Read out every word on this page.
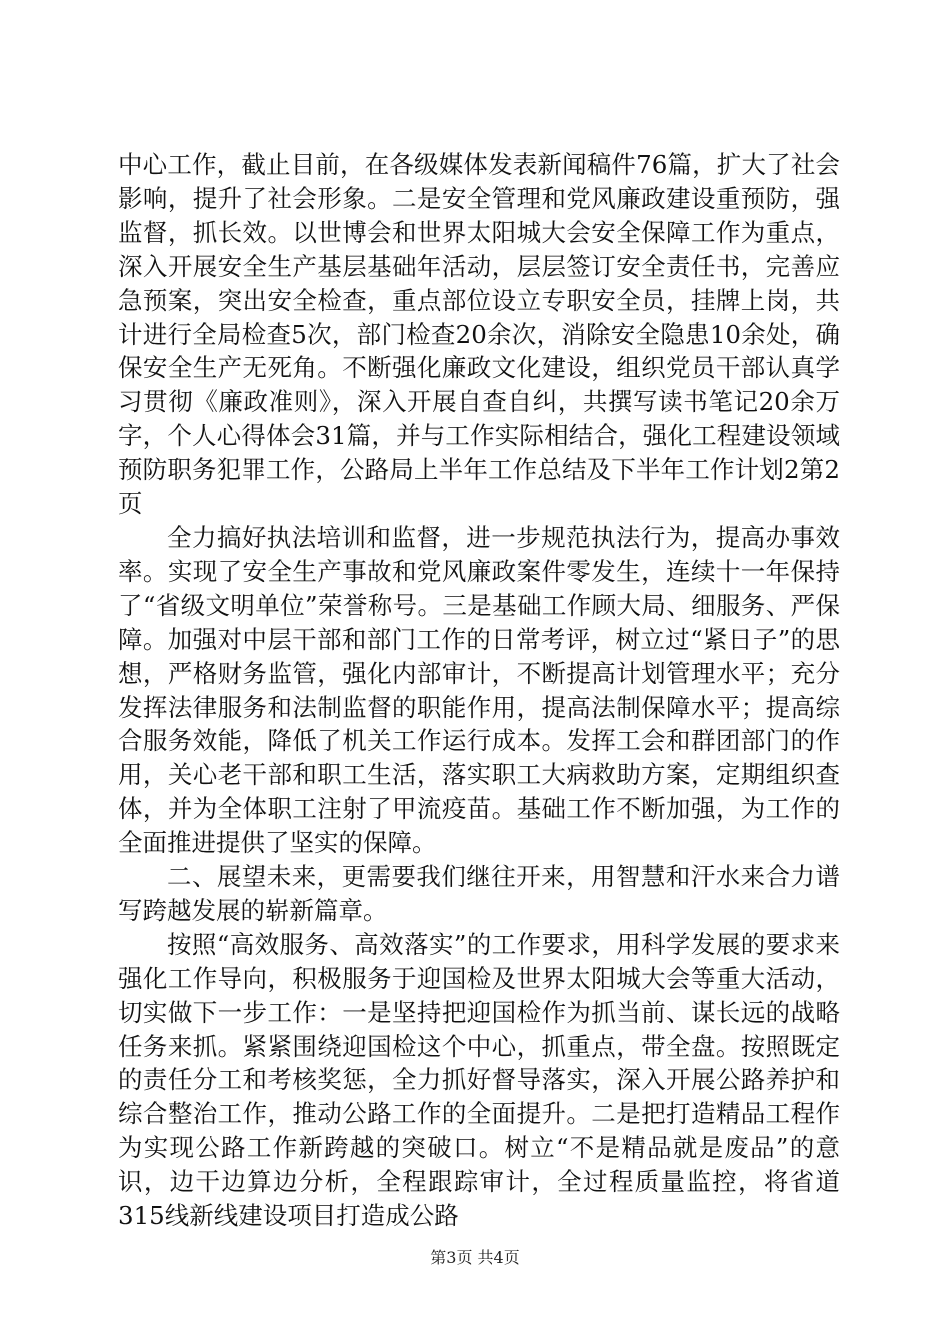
中心工作，截止目前，在各级媒体发表新闻稿件76篇，扩大了社会影响，提升了社会形象。二是安全管理和党风廉政建设重预防，强监督，抓长效。以世博会和世界太阳城大会安全保障工作为重点，深入开展安全生产基层基础年活动，层层签订安全责任书，完善应急预案，突出安全检查，重点部位设立专职安全员，挂牌上岗，共计进行全局检查5次，部门检查20余次，消除安全隐患10余处，确保安全生产无死角。不断强化廉政文化建设，组织党员干部认真学习贯彻《廉政准则》，深入开展自查自纠，共撰写读书笔记20余万字，个人心得体会31篇，并与工作实际相结合，强化工程建设领域预防职务犯罪工作，公路局上半年工作总结及下半年工作计划2第2页

全力搞好执法培训和监督，进一步规范执法行为，提高办事效率。实现了安全生产事故和党风廉政案件零发生，连续十一年保持了“省级文明单位”荣誉称号。三是基础工作顾大局、细服务、严保障。加强对中层干部和部门工作的日常考评，树立过“紧日子”的思想，严格财务监管，强化内部审计，不断提高计划管理水平；充分发挥法律服务和法制监督的职能作用，提高法制保障水平；提高综合服务效能，降低了机关工作运行成本。发挥工会和群团部门的作用，关心老干部和职工生活，落实职工大病救助方案，定期组织查体，并为全体职工注射了甲流疫苗。基础工作不断加强，为工作的全面推进提供了坚实的保障。

二、展望未来，更需要我们继往开来，用智慧和汗水来合力谱写跨越发展的崭新篇章。

按照“高效服务、高效落实”的工作要求，用科学发展的要求来强化工作导向，积极服务于迎国检及世界太阳城大会等重大活动，切实做下一步工作：一是坚持把迎国检作为抓当前、谋长远的战略任务来抓。紧紧围绕迎国检这个中心，抓重点，带全盘。按照既定的责任分工和考核奖惩，全力抓好督导落实，深入开展公路养护和综合整治工作，推动公路工作的全面提升。二是把打造精品工程作为实现公路工作新跨越的突破口。树立“不是精品就是废品”的意识，边干边算边分析，全程跟踪审计，全过程质量监控，将省道315线新线建设项目打造成公路

第3页 共4页
